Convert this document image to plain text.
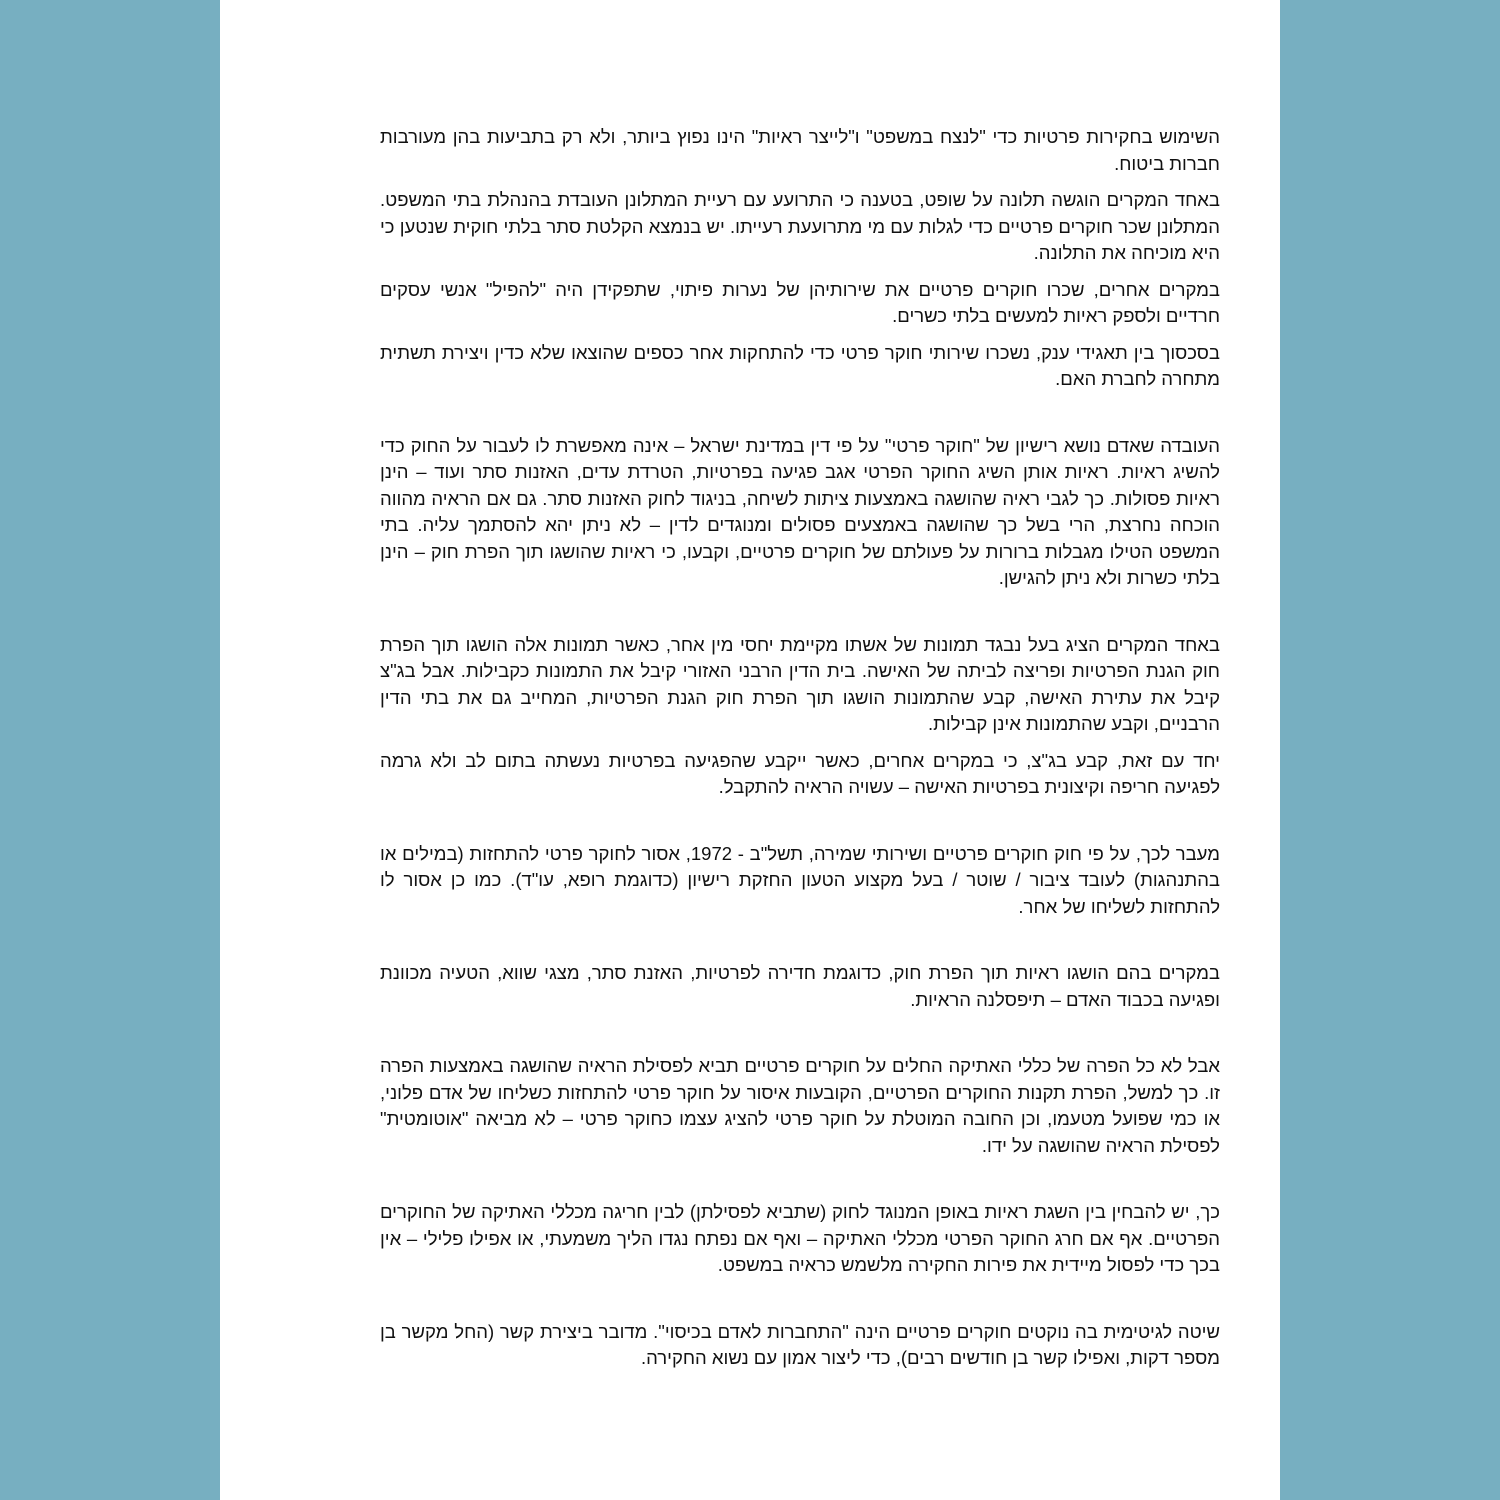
השימוש בחקירות פרטיות כדי "לנצח במשפט" ו"לייצר ראיות" הינו נפוץ ביותר, ולא רק בתביעות בהן מעורבות חברות ביטוח.

באחד המקרים הוגשה תלונה על שופט, בטענה כי התרועע עם רעיית המתלונן העובדת בהנהלת בתי המשפט. המתלונן שכר חוקרים פרטיים כדי לגלות עם מי מתרועעת רעייתו. יש בנמצא הקלטת סתר בלתי חוקית שנטען כי היא מוכיחה את התלונה.

במקרים אחרים, שכרו חוקרים פרטיים את שירותיהן של נערות פיתוי, שתפקידן היה "להפיל" אנשי עסקים חרדיים ולספק ראיות למעשים בלתי כשרים.

בסכסוך בין תאגידי ענק, נשכרו שירותי חוקר פרטי כדי להתחקות אחר כספים שהוצאו שלא כדין ויצירת תשתית מתחרה לחברת האם.

העובדה שאדם נושא רישיון של "חוקר פרטי" על פי דין במדינת ישראל – אינה מאפשרת לו לעבור על החוק כדי להשיג ראיות. ראיות אותן השיג החוקר הפרטי אגב פגיעה בפרטיות, הטרדת עדים, האזנות סתר ועוד – הינן ראיות פסולות. כך לגבי ראיה שהושגה באמצעות ציתות לשיחה, בניגוד לחוק האזנות סתר. גם אם הראיה מהווה הוכחה נחרצת, הרי בשל כך שהושגה באמצעים פסולים ומנוגדים לדין – לא ניתן יהא להסתמך עליה. בתי המשפט הטילו מגבלות ברורות על פעולתם של חוקרים פרטיים, וקבעו, כי ראיות שהושגו תוך הפרת חוק – הינן בלתי כשרות ולא ניתן להגישן.

באחד המקרים הציג בעל נבגד תמונות של אשתו מקיימת יחסי מין אחר, כאשר תמונות אלה הושגו תוך הפרת חוק הגנת הפרטיות ופריצה לביתה של האישה. בית הדין הרבני האזורי קיבל את התמונות כקבילות. אבל בג"צ קיבל את עתירת האישה, קבע שהתמונות הושגו תוך הפרת חוק הגנת הפרטיות, המחייב גם את בתי הדין הרבניים, וקבע שהתמונות אינן קבילות.

יחד עם זאת, קבע בג"צ, כי במקרים אחרים, כאשר ייקבע שהפגיעה בפרטיות נעשתה בתום לב ולא גרמה לפגיעה חריפה וקיצונית בפרטיות האישה – עשויה הראיה להתקבל.

מעבר לכך, על פי חוק חוקרים פרטיים ושירותי שמירה, תשל"ב - 1972, אסור לחוקר פרטי להתחזות (במילים או בהתנהגות) לעובד ציבור / שוטר / בעל מקצוע הטעון החזקת רישיון (כדוגמת רופא, עו"ד). כמו כן אסור לו להתחזות לשליחו של אחר.

במקרים בהם הושגו ראיות תוך הפרת חוק, כדוגמת חדירה לפרטיות, האזנת סתר, מצגי שווא, הטעיה מכוונת ופגיעה בכבוד האדם – תיפסלנה הראיות.

אבל לא כל הפרה של כללי האתיקה החלים על חוקרים פרטיים תביא לפסילת הראיה שהושגה באמצעות הפרה זו. כך למשל, הפרת תקנות החוקרים הפרטיים, הקובעות איסור על חוקר פרטי להתחזות כשליחו של אדם פלוני, או כמי שפועל מטעמו, וכן החובה המוטלת על חוקר פרטי להציג עצמו כחוקר פרטי – לא מביאה "אוטומטית" לפסילת הראיה שהושגה על ידו.

כך, יש להבחין בין השגת ראיות באופן המנוגד לחוק (שתביא לפסילתן) לבין חריגה מכללי האתיקה של החוקרים הפרטיים. אף אם חרג החוקר הפרטי מכללי האתיקה – ואף אם נפתח נגדו הליך משמעתי, או אפילו פלילי – אין בכך כדי לפסול מיידית את פירות החקירה מלשמש כראיה במשפט.

שיטה לגיטימית בה נוקטים חוקרים פרטיים הינה "התחברות לאדם בכיסוי". מדובר ביצירת קשר (החל מקשר בן מספר דקות, ואפילו קשר בן חודשים רבים), כדי ליצור אמון עם נשוא החקירה.
